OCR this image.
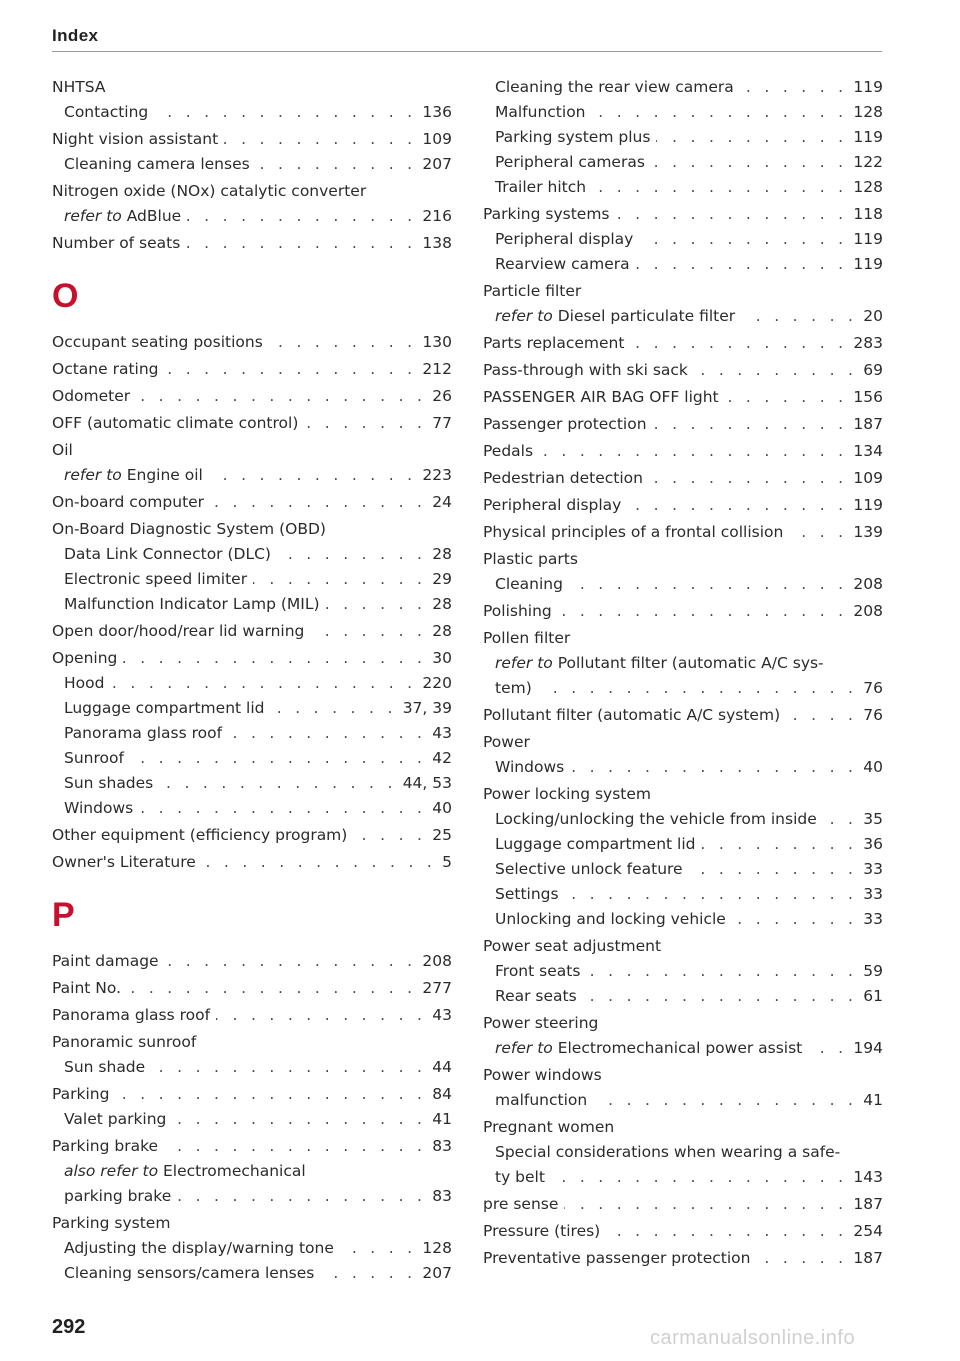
Index
NHTSA
Contacting . . .	136
Night vision assistant . . .	109
Cleaning camera lenses . . .	207
Nitrogen oxide (NOx) catalytic converter
refer to AdBlue . . .	216
Number of seats . . .	138
O
Occupant seating positions . . .	130
Octane rating . . .	212
Odometer . . .	26
OFF (automatic climate control) . . .	77
Oil
refer to Engine oil . . .	223
On-board computer . . .	24
On-Board Diagnostic System (OBD)
Data Link Connector (DLC) . . .	28
Electronic speed limiter . . .	29
Malfunction Indicator Lamp (MIL) . . .	28
Open door/hood/rear lid warning . . .	28
Opening . . .	30
Hood . . .	220
Luggage compartment lid . . .	37, 39
Panorama glass roof . . .	43
Sunroof . . .	42
Sun shades . . .	44, 53
Windows . . .	40
Other equipment (efficiency program) . . .	25
Owner's Literature . . .	5
P
Paint damage . . .	208
Paint No. . . .	277
Panorama glass roof . . .	43
Panoramic sunroof
Sun shade . . .	44
Parking . . .	84
Valet parking . . .	41
Parking brake . . .	83
also refer to Electromechanical
parking brake . . .	83
Parking system
Adjusting the display/warning tone . . .	128
Cleaning sensors/camera lenses . . .	207
Cleaning the rear view camera . . .	119
Malfunction . . .	128
Parking system plus . . .	119
Peripheral cameras . . .	122
Trailer hitch . . .	128
Parking systems . . .	118
Peripheral display . . .	119
Rearview camera . . .	119
Particle filter
refer to Diesel particulate filter . . .	20
Parts replacement . . .	283
Pass-through with ski sack . . .	69
PASSENGER AIR BAG OFF light . . .	156
Passenger protection . . .	187
Pedals . . .	134
Pedestrian detection . . .	109
Peripheral display . . .	119
Physical principles of a frontal collision . . .	139
Plastic parts
Cleaning . . .	208
Polishing . . .	208
Pollen filter
refer to Pollutant filter (automatic A/C sys-
tem) . . .	76
Pollutant filter (automatic A/C system) . . .	76
Power
Windows . . .	40
Power locking system
Locking/unlocking the vehicle from inside . . .	35
Luggage compartment lid . . .	36
Selective unlock feature . . .	33
Settings . . .	33
Unlocking and locking vehicle . . .	33
Power seat adjustment
Front seats . . .	59
Rear seats . . .	61
Power steering
refer to Electromechanical power assist . . .	194
Power windows
malfunction . . .	41
Pregnant women
Special considerations when wearing a safe-
ty belt . . .	143
pre sense . . .	187
Pressure (tires) . . .	254
Preventative passenger protection . . .	187
292	carmanualsonline.info
